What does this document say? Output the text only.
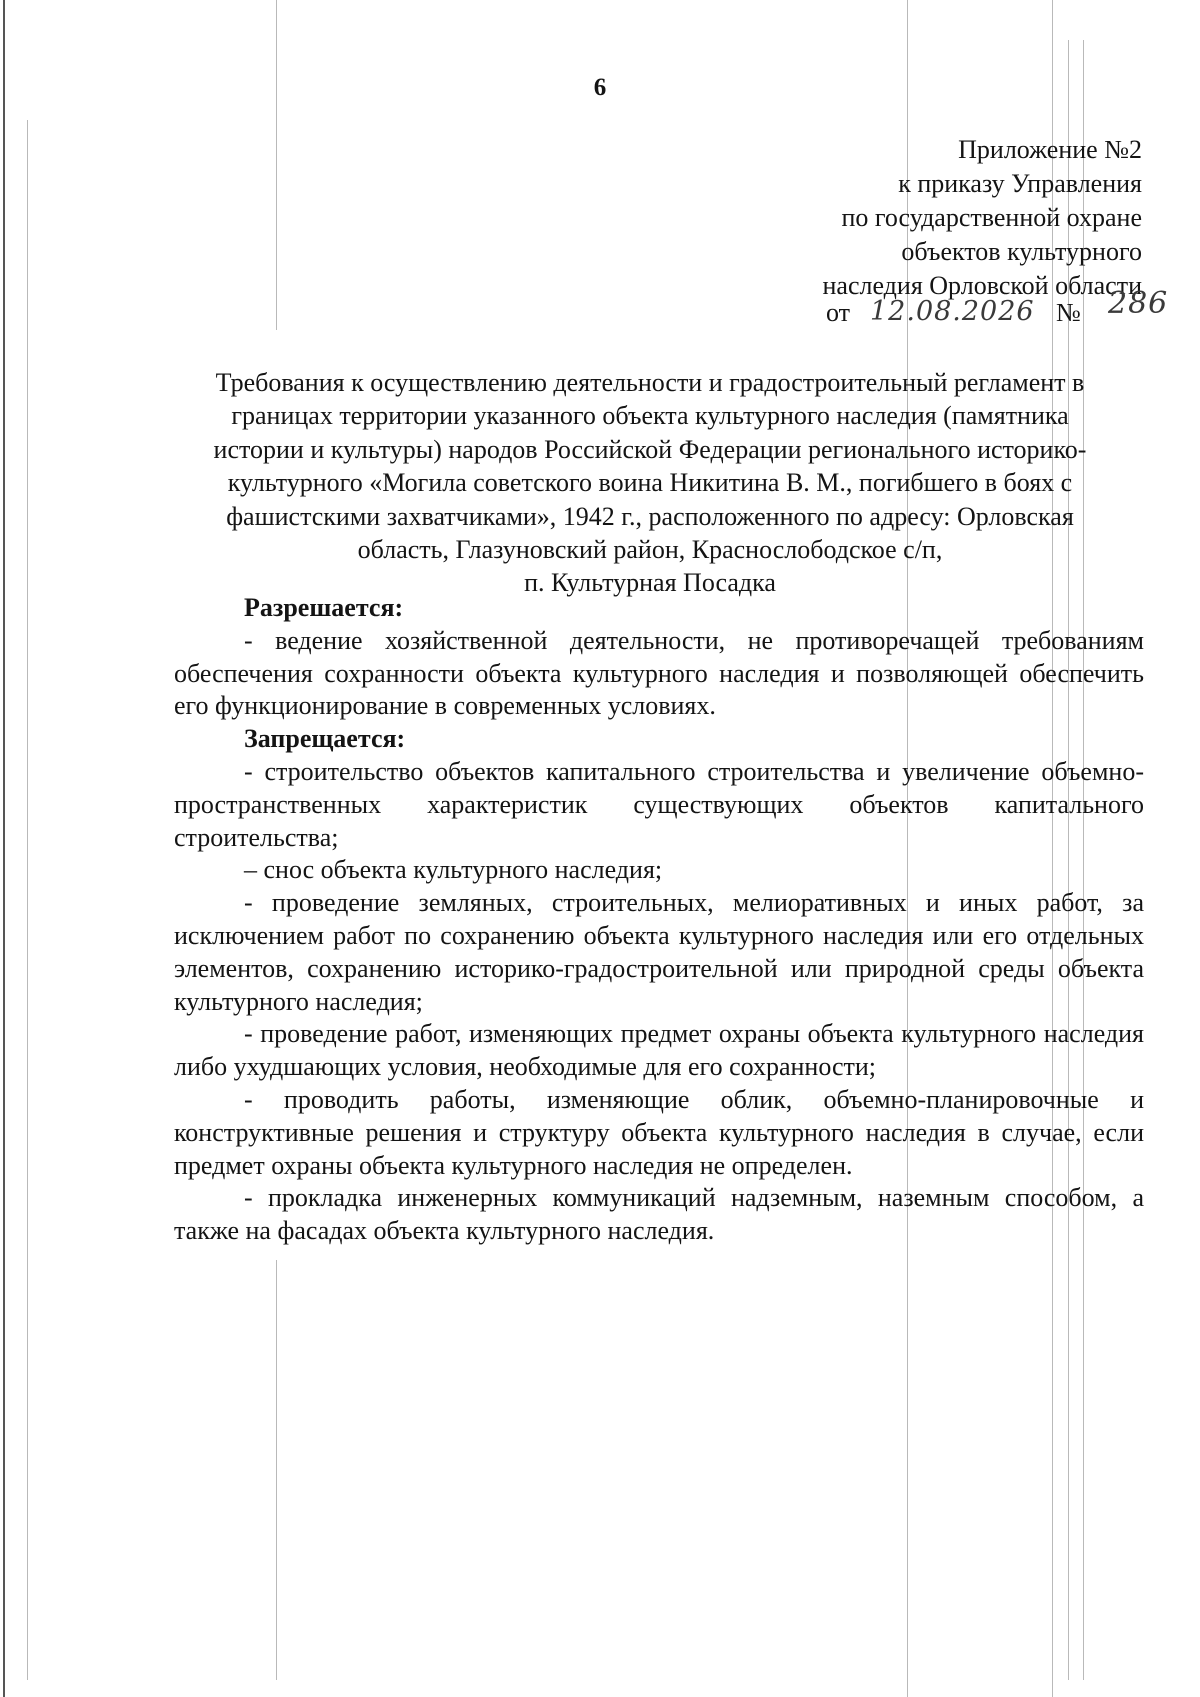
6
Приложение №2
к приказу Управления
по государственной охране
объектов культурного
наследия Орловской области
от 12.08.2026 № 286
Требования к осуществлению деятельности и градостроительный регламент в
границах территории указанного объекта культурного наследия (памятника
истории и культуры) народов Российской Федерации регионального историко-
культурного «Могила советского воина Никитина В. М., погибшего в боях с
фашистскими захватчиками», 1942 г., расположенного по адресу: Орловская
область, Глазуновский район, Краснослободское с/п,
п. Культурная Посадка

Разрешается:

- ведение хозяйственной деятельности, не противоречащей требованиям обеспечения сохранности объекта культурного наследия и позволяющей обеспечить его функционирование в современных условиях.

Запрещается:

- строительство объектов капитального строительства и увеличение объемно-пространственных характеристик существующих объектов капитального строительства;

– снос объекта культурного наследия;

- проведение земляных, строительных, мелиоративных и иных работ, за исключением работ по сохранению объекта культурного наследия или его отдельных элементов, сохранению историко-градостроительной или природной среды объекта культурного наследия;

- проведение работ, изменяющих предмет охраны объекта культурного наследия либо ухудшающих условия, необходимые для его сохранности;

- проводить работы, изменяющие облик, объемно-планировочные и конструктивные решения и структуру объекта культурного наследия в случае, если предмет охраны объекта культурного наследия не определен.

- прокладка инженерных коммуникаций надземным, наземным способом, а также на фасадах объекта культурного наследия.
